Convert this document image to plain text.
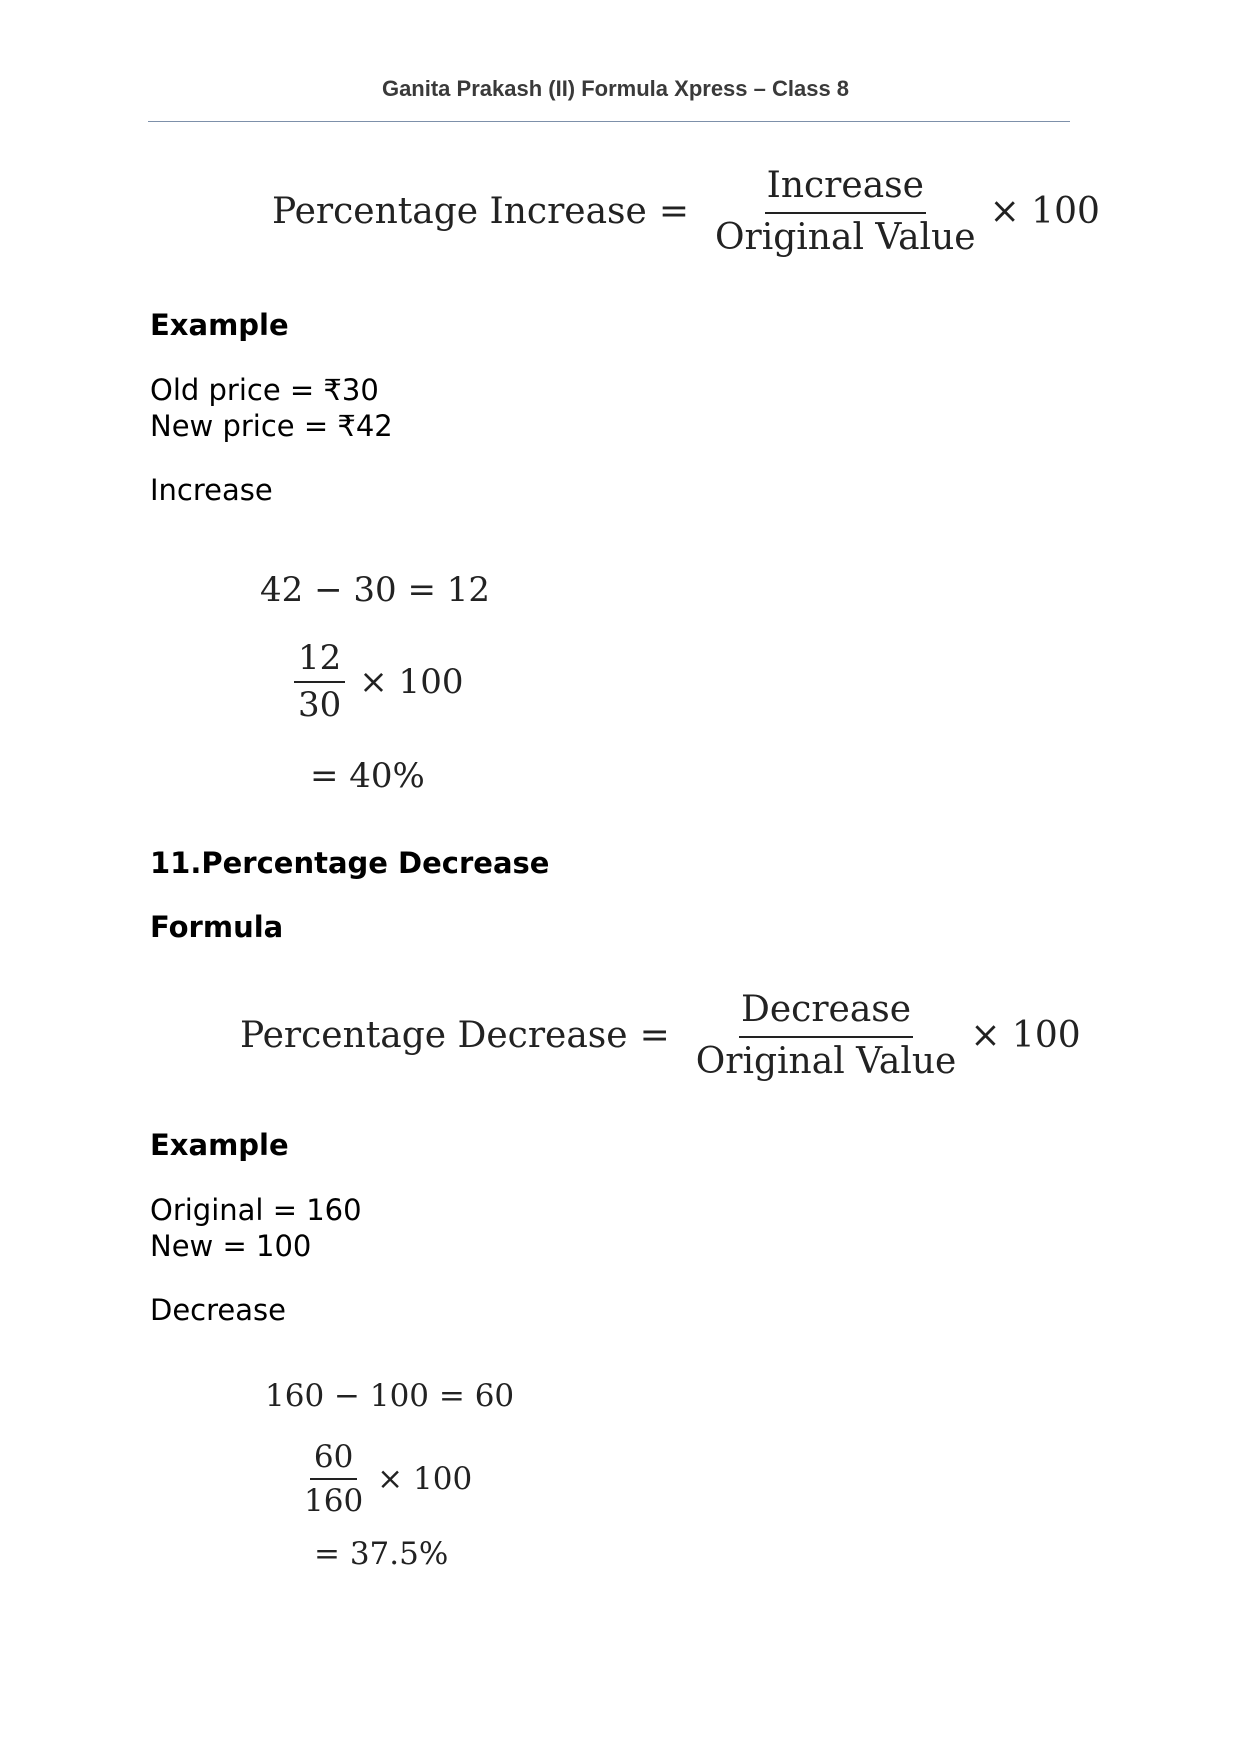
Ganita Prakash (II) Formula Xpress – Class 8
Percentage Increase = $\frac{\text{Increase}}{\text{Original Value}} \times 100$
Example
Old price = ₹30
New price = ₹42
Increase
42 − 30 = 12
$\frac{12}{30} \times 100$
= 40%
11.Percentage Decrease
Formula
Percentage Decrease = $\frac{\text{Decrease}}{\text{Original Value}} \times 100$
Example
Original = 160
New = 100
Decrease
160 − 100 = 60
$\frac{60}{160} \times 100$
= 37.5%
